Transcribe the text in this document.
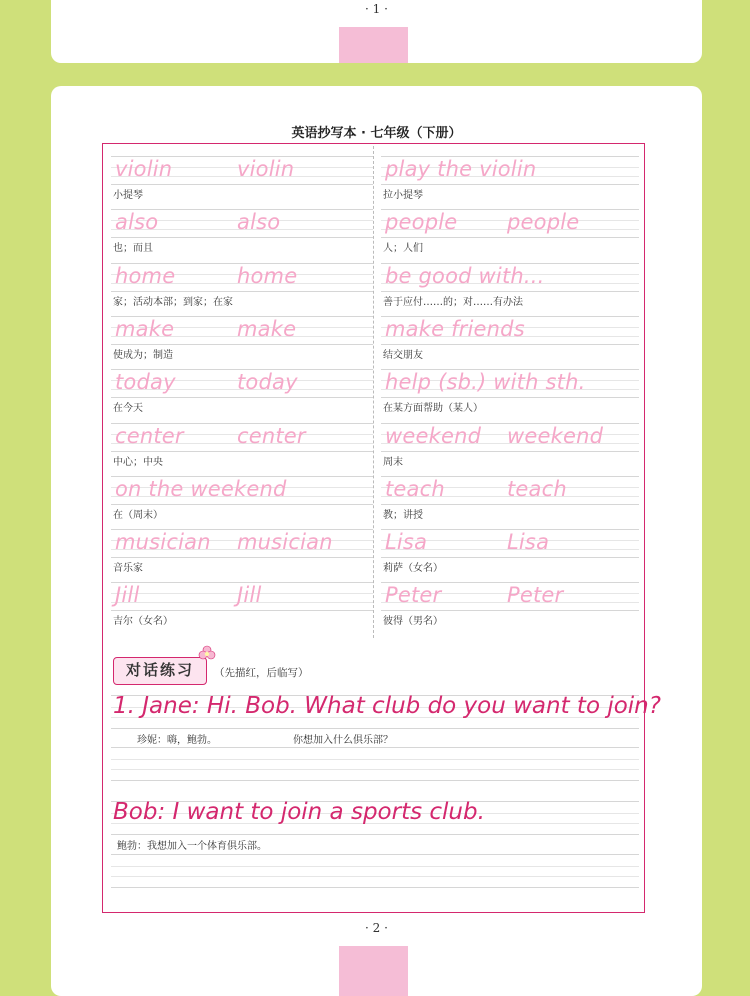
· 1 ·
英语抄写本 · 七年级（下册）
violin	violin
小提琴
also	also
也；而且
home	home
家；活动本部；到家；在家
make	make
使成为；制造
today	today
在今天
center	center
中心；中央
on the weekend
在（周末）
musician musician
音乐家
Jill	Jill
吉尔（女名）
play the violin
拉小提琴
people people
人；人们
be good with...
善于应付……的；对……有办法
make friends
结交朋友
help (sb.) with sth.
在某方面帮助（某人）
weekend weekend
周末
teach	teach
教；讲授
Lisa	Lisa
莉萨（女名）
Peter	Peter
彼得（男名）
对话练习	（先描红，后临写）
1. Jane: Hi. Bob. What club do you want to join?
珍妮：嗨，鲍勃。	你想加入什么俱乐部？
Bob: I want to join a sports club.
鲍勃：我想加入一个体育俱乐部。
· 2 ·
